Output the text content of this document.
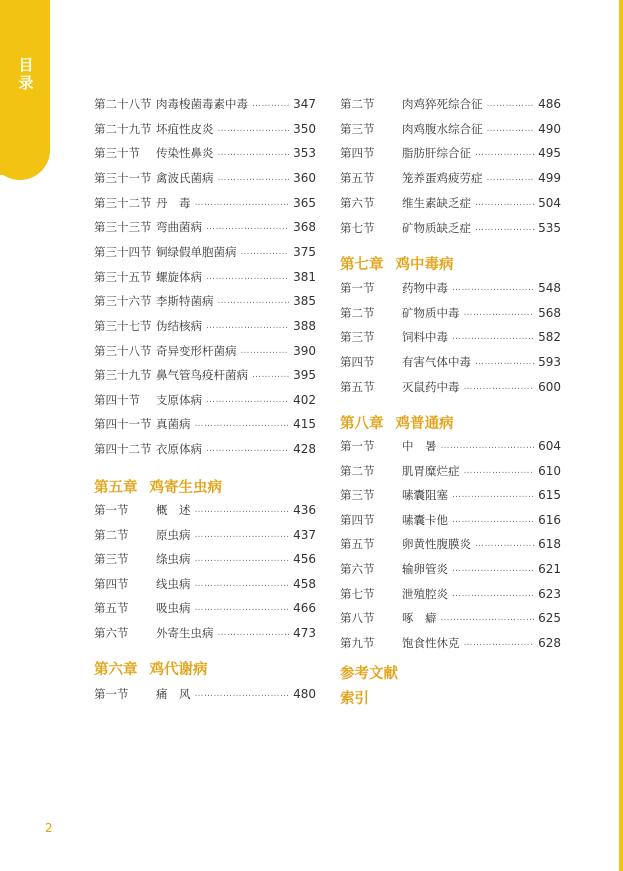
目录
第二十八节 肉毒梭菌毒素中毒 ……………………………………………………………………………………………………	347
第二十九节 坏疽性皮炎 ……………………………………………………………………………………………………	350
第三十节	传染性鼻炎 ……………………………………………………………………………………………………	353
第三十一节 禽波氏菌病 ……………………………………………………………………………………………………	360
第三十二节 丹　毒 ……………………………………………………………………………………………………	365
第三十三节 弯曲菌病 ……………………………………………………………………………………………………	368
第三十四节 铜绿假单胞菌病 ……………………………………………………………………………………………………	375
第三十五节 螺旋体病 ……………………………………………………………………………………………………	381
第三十六节 李斯特菌病 ……………………………………………………………………………………………………	385
第三十七节 伪结核病 ……………………………………………………………………………………………………	388
第三十八节 奇异变形杆菌病 ……………………………………………………………………………………………………	390
第三十九节 鼻气管鸟疫杆菌病 ……………………………………………………………………………………………………	395
第四十节	支原体病 ……………………………………………………………………………………………………	402
第四十一节 真菌病 ……………………………………………………………………………………………………	415
第四十二节 衣原体病 ……………………………………………………………………………………………………	428
第五章 鸡寄生虫病
第一节	概　述 ……………………………………………………………………………………………………	436
第二节	原虫病 ……………………………………………………………………………………………………	437
第三节	绦虫病 ……………………………………………………………………………………………………	456
第四节	线虫病 ……………………………………………………………………………………………………	458
第五节	吸虫病 ……………………………………………………………………………………………………	466
第六节	外寄生虫病 ……………………………………………………………………………………………………	473
第六章 鸡代谢病
第一节	痛　风 ……………………………………………………………………………………………………	480
第二节	肉鸡猝死综合征 ……………………………………………………………………………………………………	486
第三节	肉鸡腹水综合征 ……………………………………………………………………………………………………	490
第四节	脂肪肝综合征 ……………………………………………………………………………………………………	495
第五节	笼养蛋鸡疲劳症 ……………………………………………………………………………………………………	499
第六节	维生素缺乏症 ……………………………………………………………………………………………………	504
第七节	矿物质缺乏症 ……………………………………………………………………………………………………	535
第七章 鸡中毒病
第一节	药物中毒 ……………………………………………………………………………………………………	548
第二节	矿物质中毒 ……………………………………………………………………………………………………	568
第三节	饲料中毒 ……………………………………………………………………………………………………	582
第四节	有害气体中毒 ……………………………………………………………………………………………………	593
第五节	灭鼠药中毒 ……………………………………………………………………………………………………	600
第八章 鸡普通病
第一节	中　暑 ……………………………………………………………………………………………………	604
第二节	肌胃糜烂症 ……………………………………………………………………………………………………	610
第三节	嗉囊阻塞 ……………………………………………………………………………………………………	615
第四节	嗉囊卡他 ……………………………………………………………………………………………………	616
第五节	卵黄性腹膜炎 ……………………………………………………………………………………………………	618
第六节	输卵管炎 ……………………………………………………………………………………………………	621
第七节	泄殖腔炎 ……………………………………………………………………………………………………	623
第八节	啄　癖 ……………………………………………………………………………………………………	625
第九节	饱食性休克 ……………………………………………………………………………………………………	628
参考文献
索引
2
